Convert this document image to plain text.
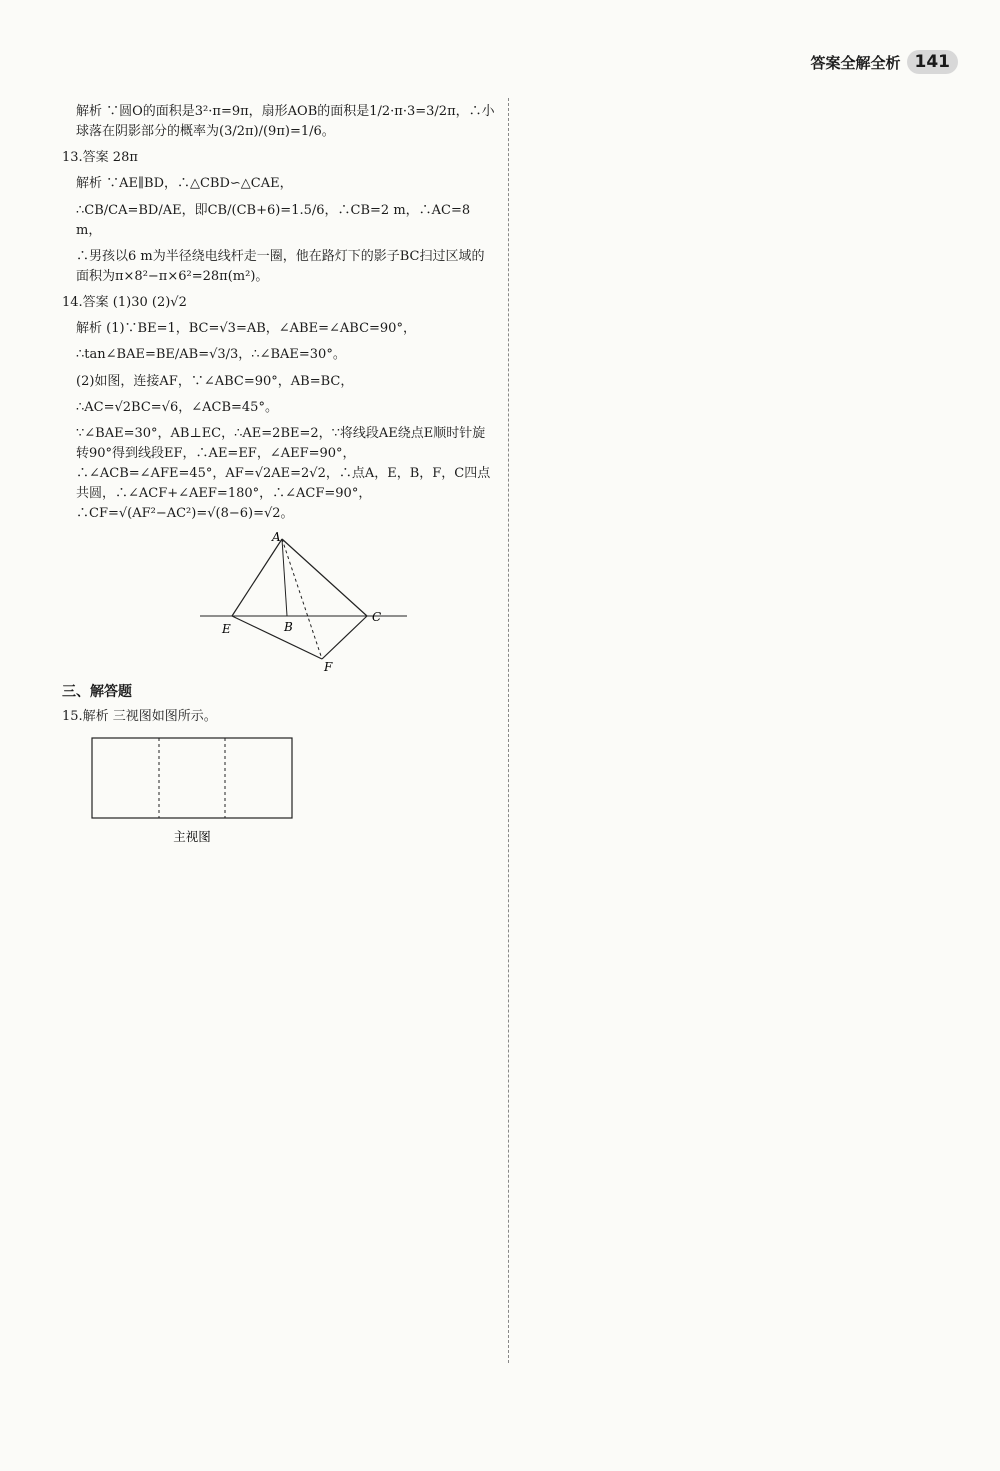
答案全解全析 141

解析 ∵圆O的面积是3²·π=9π，扇形AOB的面积是1/2·π·3=3/2π，∴小球落在阴影部分的概率为(3/2π)/(9π)=1/6。

13.答案 28π

解析 ∵AE∥BD，∴△CBD∽△CAE，

∴CB/CA=BD/AE，即CB/(CB+6)=1.5/6，∴CB=2 m，∴AC=8 m，

∴男孩以6 m为半径绕电线杆走一圈，他在路灯下的影子BC扫过区域的面积为π×8²−π×6²=28π(m²)。

14.答案 (1)30 (2)√2

解析 (1)∵BE=1，BC=√3=AB，∠ABE=∠ABC=90°，

∴tan∠BAE=BE/AB=√3/3，∴∠BAE=30°。

(2)如图，连接AF，∵∠ABC=90°，AB=BC，

∴AC=√2BC=√6，∠ACB=45°。

∵∠BAE=30°，AB⊥EC，∴AE=2BE=2，∵将线段AE绕点E顺时针旋转90°得到线段EF，∴AE=EF，∠AEF=90°，∴∠ACB=∠AFE=45°，AF=√2AE=2√2，∴点A，E，B，F，C四点共圆，∴∠ACF+∠AEF=180°，∴∠ACF=90°，∴CF=√(AF²−AC²)=√(8−6)=√2。

A
E	B
C
F
三、解答题

15.解析 三视图如图所示。

主视图
